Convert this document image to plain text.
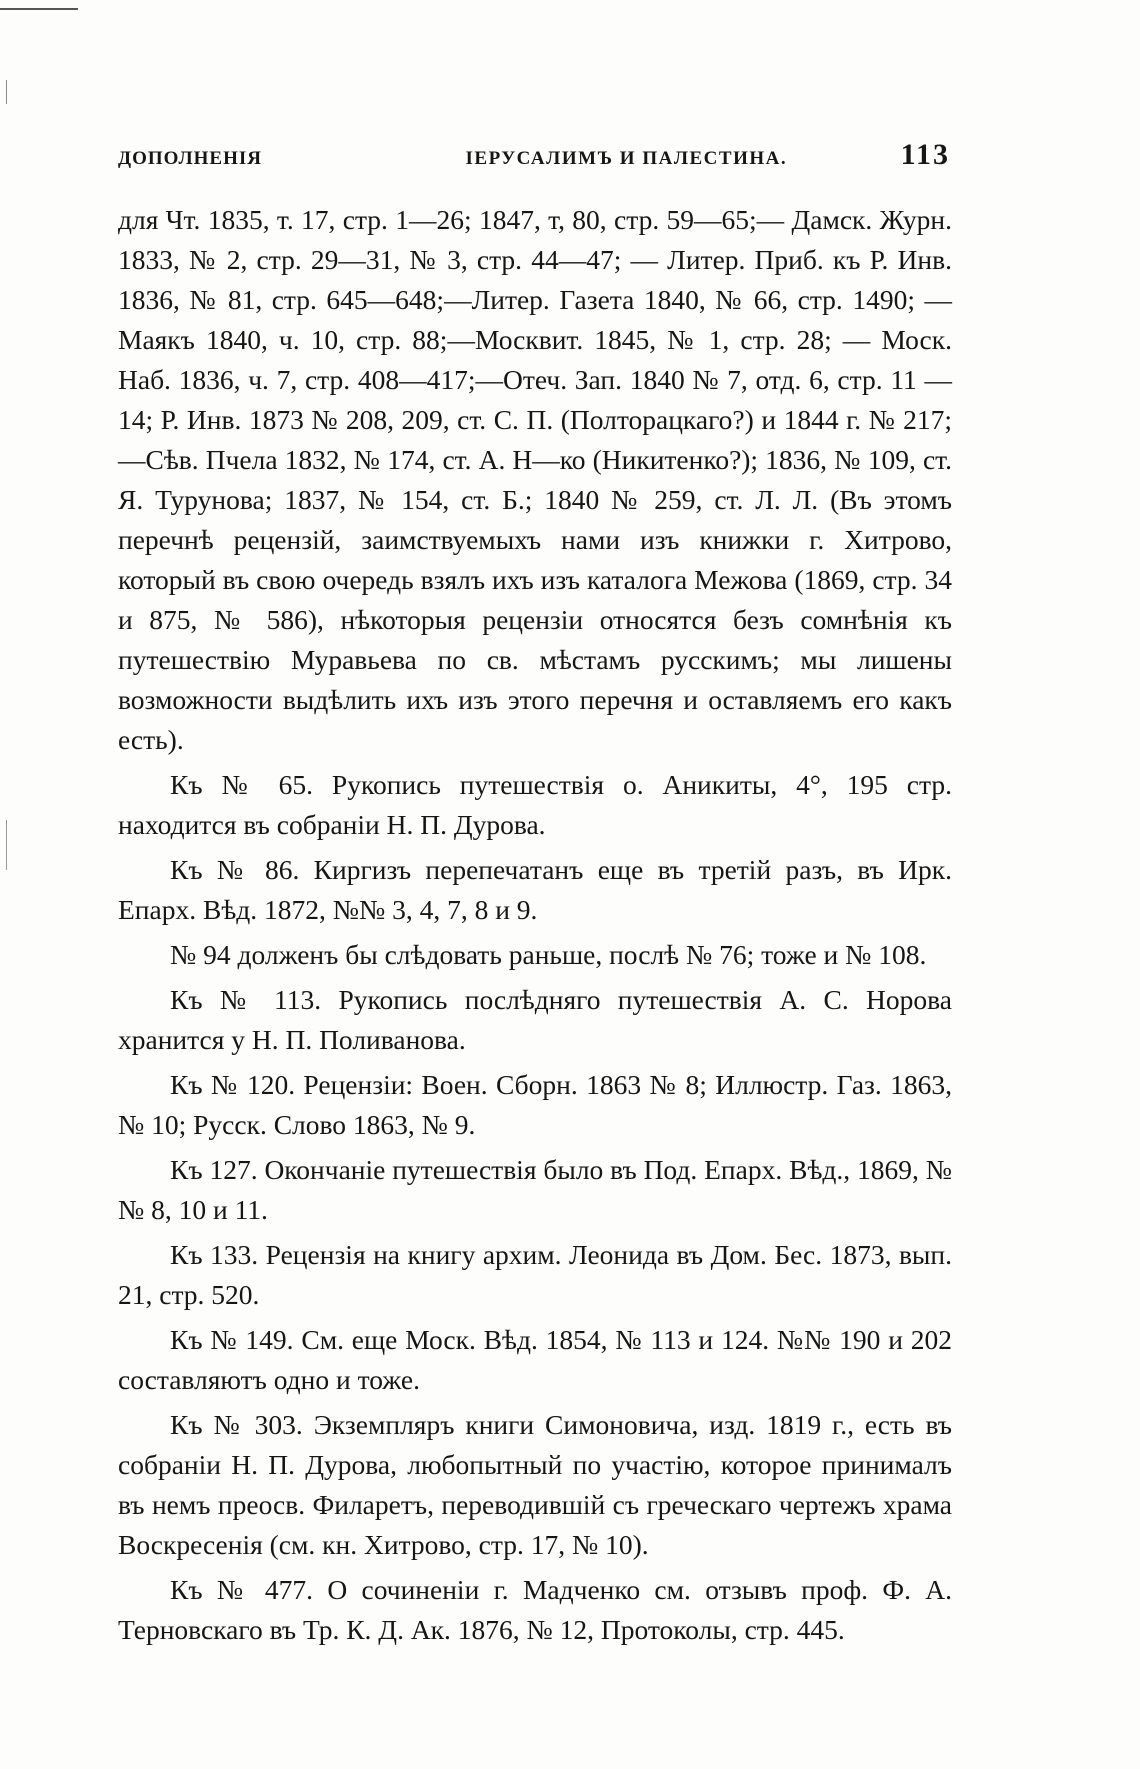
ДОПОЛНЕНІЯ	ІЕРУСАЛИМЪ И ПАЛЕСТИНА.	113

для Чт. 1835, т. 17, стр. 1—26; 1847, т, 80, стр. 59—65;— Дамск. Журн. 1833, № 2, стр. 29—31, № 3, стр. 44—47; — Литер. Приб. къ Р. Инв. 1836, № 81, стр. 645—648;—Литер. Газета 1840, № 66, стр. 1490; — Маякъ 1840, ч. 10, стр. 88;—Москвит. 1845, № 1, стр. 28; — Моск. Наб. 1836, ч. 7, стр. 408—417;—Отеч. Зап. 1840 № 7, отд. 6, стр. 11 — 14; Р. Инв. 1873 № 208, 209, ст. С. П. (Полторацкаго?) и 1844 г. № 217;—Сѣв. Пчела 1832, № 174, ст. А. Н—ко (Никитенко?); 1836, № 109, ст. Я. Турунова; 1837, № 154, ст. Б.; 1840 № 259, ст. Л. Л. (Въ этомъ перечнѣ рецензій, заимствуемыхъ нами изъ книжки г. Хитрово, который въ свою очередь взялъ ихъ изъ каталога Межова (1869, стр. 34 и 875, № 586), нѣкоторыя рецензіи относятся безъ сомнѣнія къ путешествію Муравьева по св. мѣстамъ русскимъ; мы лишены возможности выдѣлить ихъ изъ этого перечня и оставляемъ его какъ есть).

Къ № 65. Рукопись путешествія о. Аникиты, 4°, 195 стр. находится въ собраніи Н. П. Дурова.

Къ № 86. Киргизъ перепечатанъ еще въ третій разъ, въ Ирк. Епарх. Вѣд. 1872, №№ 3, 4, 7, 8 и 9.

№ 94 долженъ бы слѣдовать раньше, послѣ № 76; тоже и № 108.

Къ № 113. Рукопись послѣдняго путешествія А. С. Норова хранится у Н. П. Поливанова.

Къ № 120. Рецензіи: Воен. Сборн. 1863 № 8; Иллюстр. Газ. 1863, № 10; Русск. Слово 1863, № 9.

Къ 127. Окончаніе путешествія было въ Под. Епарх. Вѣд., 1869, №№ 8, 10 и 11.

Къ 133. Рецензія на книгу архим. Леонида въ Дом. Бес. 1873, вып. 21, стр. 520.

Къ № 149. См. еще Моск. Вѣд. 1854, № 113 и 124. №№ 190 и 202 составляютъ одно и тоже.

Къ № 303. Экземпляръ книги Симоновича, изд. 1819 г., есть въ собраніи Н. П. Дурова, любопытный по участію, которое принималъ въ немъ преосв. Филаретъ, переводившій съ греческаго чертежъ храма Воскресенія (см. кн. Хитрово, стр. 17, № 10).

Къ № 477. О сочиненіи г. Мадченко см. отзывъ проф. Ф. А. Терновскаго въ Тр. К. Д. Ак. 1876, № 12, Протоколы, стр. 445.
